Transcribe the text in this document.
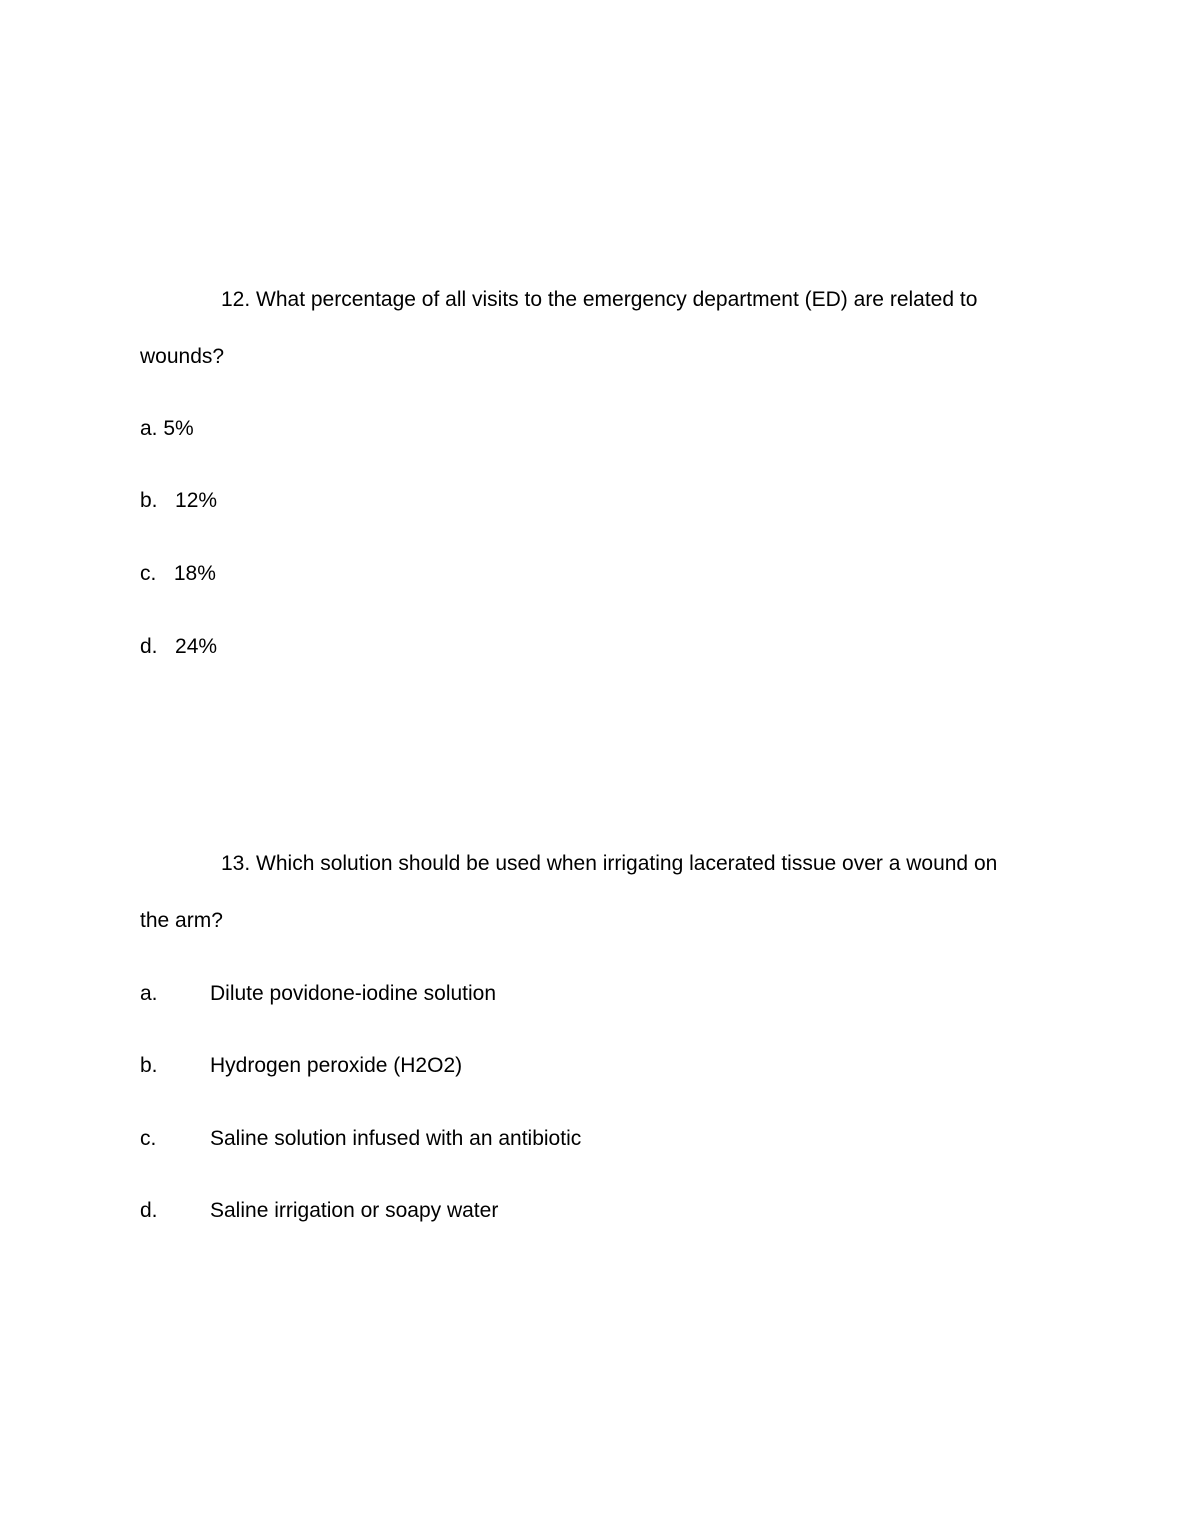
12. What percentage of all visits to the emergency department (ED) are related to

wounds?

a. 5%

b.   12%

c.   18%

d.   24%

13. Which solution should be used when irrigating lacerated tissue over a wound on

the arm?

a. Dilute povidone-iodine solution
b. Hydrogen peroxide (H2O2)
c.	Saline solution infused with an antibiotic
d. Saline irrigation or soapy water
